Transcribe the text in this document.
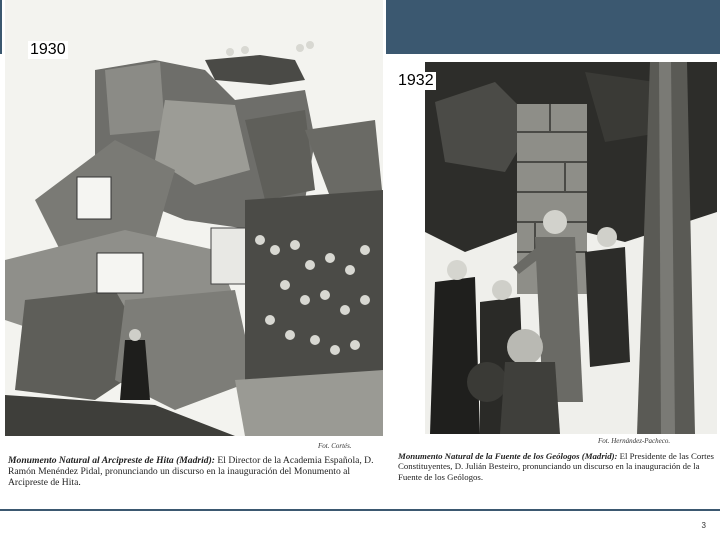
1930
1932
Fot. Cortés.
Fot. Hernández-Pacheco.
Monumento Natural al Arcipreste de Hita (Madrid): El Director de la Academia Española, D. Ramón Menéndez Pidal, pronunciando un discurso en la inauguración del Monumento al Arcipreste de Hita.
Monumento Natural de la Fuente de los Geólogos (Madrid): El Presidente de las Cortes Constituyentes, D. Julián Besteiro, pronunciando un discurso en la inauguración de la Fuente de los Geólogos.
3
